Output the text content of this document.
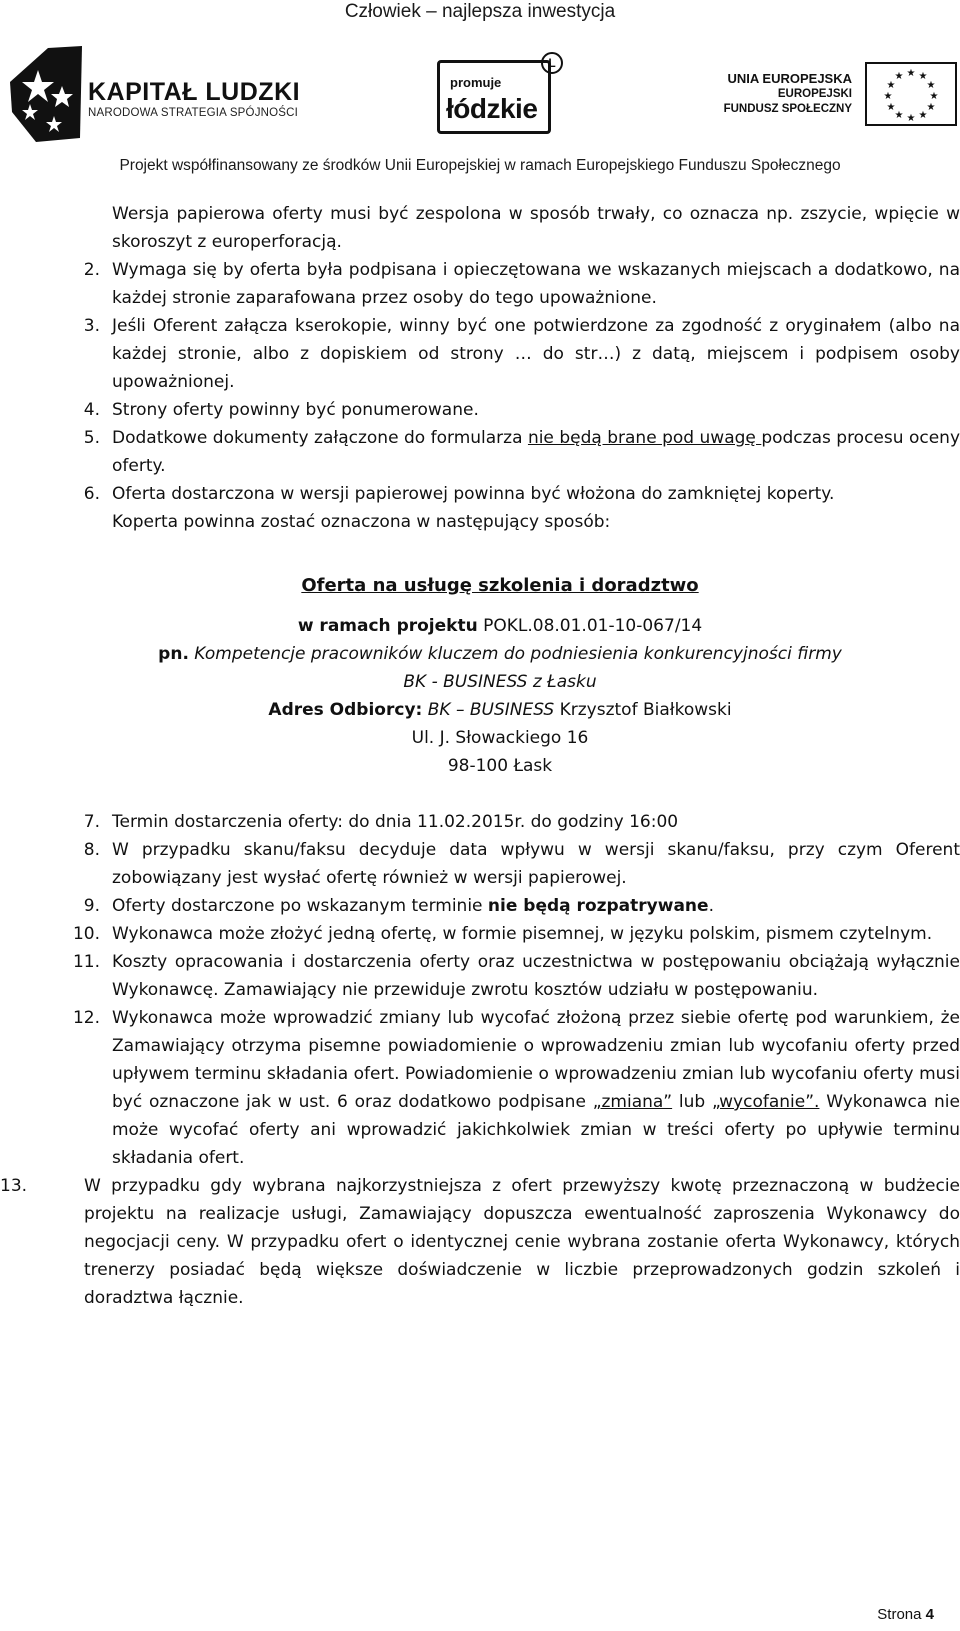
Człowiek – najlepsza inwestycja
KAPITAŁ LUDZKI
NARODOWA STRATEGIA SPÓJNOŚCI
promuje
łódzkie
L
UNIA EUROPEJSKA
EUROPEJSKI
FUNDUSZ SPOŁECZNY
★ ★
★
★
★
★
★
★
★
★
★
★
Projekt współfinansowany ze środków Unii Europejskiej w ramach Europejskiego Funduszu Społecznego
Wersja papierowa oferty musi być zespolona w sposób trwały, co oznacza np. zszycie, wpięcie w skoroszyt z europerforacją.
2. Wymaga się by oferta była podpisana i opieczętowana we wskazanych miejscach a dodatkowo, na każdej stronie zaparafowana przez osoby do tego upoważnione.
3. Jeśli Oferent załącza kserokopie, winny być one potwierdzone za zgodność z oryginałem (albo na każdej stronie, albo z dopiskiem od strony … do str…) z datą, miejscem i podpisem osoby upoważnionej.
4. Strony oferty powinny być ponumerowane.
5. Dodatkowe dokumenty załączone do formularza nie będą brane pod uwagę podczas procesu oceny oferty.
6. Oferta dostarczona w wersji papierowej powinna być włożona do zamkniętej koperty.
Koperta powinna zostać oznaczona w następujący sposób:
Oferta na usługę szkolenia i doradztwo
w ramach projektu POKL.08.01.01-10-067/14
pn. Kompetencje pracowników kluczem do podniesienia konkurencyjności firmy
BK - BUSINESS z Łasku
Adres Odbiorcy: BK – BUSINESS Krzysztof Białkowski
Ul. J. Słowackiego 16
98-100 Łask
7. Termin dostarczenia oferty: do dnia 11.02.2015r. do godziny 16:00
8. W przypadku skanu/faksu decyduje data wpływu w wersji skanu/faksu, przy czym Oferent zobowiązany jest wysłać ofertę również w wersji papierowej.
9. Oferty dostarczone po wskazanym terminie nie będą rozpatrywane.
10. Wykonawca może złożyć jedną ofertę, w formie pisemnej, w języku polskim, pismem czytelnym.
11. Koszty opracowania i dostarczenia oferty oraz uczestnictwa w postępowaniu obciążają wyłącznie Wykonawcę. Zamawiający nie przewiduje zwrotu kosztów udziału w postępowaniu.
12. Wykonawca może wprowadzić zmiany lub wycofać złożoną przez siebie ofertę pod warunkiem, że Zamawiający otrzyma pisemne powiadomienie o wprowadzeniu zmian lub wycofaniu oferty przed upływem terminu składania ofert. Powiadomienie o wprowadzeniu zmian lub wycofaniu oferty musi być oznaczone jak w ust. 6 oraz dodatkowo podpisane „zmiana” lub „wycofanie”. Wykonawca nie może wycofać oferty ani wprowadzić jakichkolwiek zmian w treści oferty po upływie terminu składania ofert.
13.	W przypadku gdy wybrana najkorzystniejsza z ofert przewyższy kwotę przeznaczoną w budżecie projektu na realizacje usługi, Zamawiający dopuszcza ewentualność zaproszenia Wykonawcy do negocjacji ceny. W przypadku ofert o identycznej cenie wybrana zostanie oferta Wykonawcy, których trenerzy posiadać będą większe doświadczenie w liczbie przeprowadzonych godzin szkoleń i doradztwa łącznie.
Strona 4
